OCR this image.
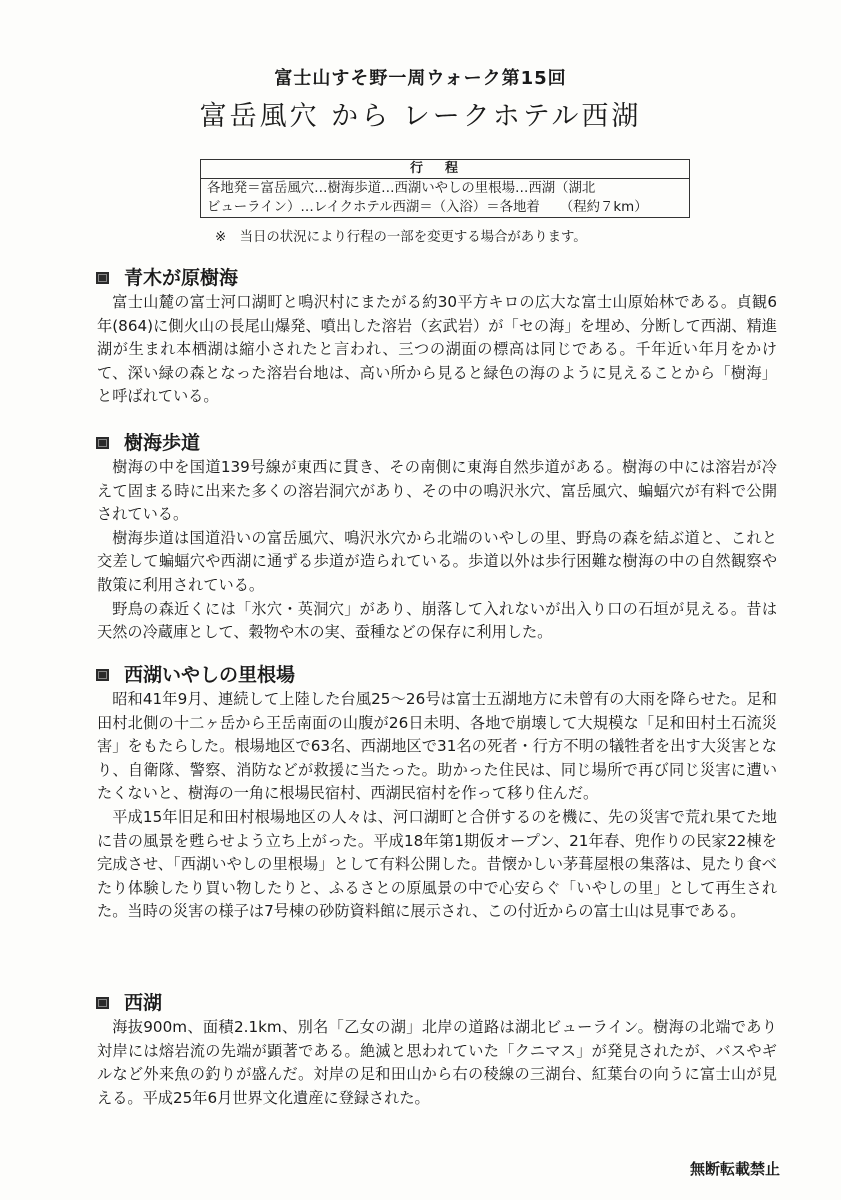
富士山すそ野一周ウォーク第15回
富岳風穴 から レークホテル西湖
行程
各地発＝富岳風穴…樹海歩道…西湖いやしの里根場…西湖（湖北
ビューライン）…レイクホテル西湖＝（入浴）＝各地着　　（程約７km）
※　当日の状況により行程の一部を変更する場合があります。
青木が原樹海

富士山麓の富士河口湖町と鳴沢村にまたがる約30平方キロの広大な富士山原始林である。貞観6年(864)に側火山の長尾山爆発、噴出した溶岩（玄武岩）が「セの海」を埋め、分断して西湖、精進湖が生まれ本栖湖は縮小されたと言われ、三つの湖面の標高は同じである。千年近い年月をかけて、深い緑の森となった溶岩台地は、高い所から見ると緑色の海のように見えることから「樹海」と呼ばれている。

樹海歩道

樹海の中を国道139号線が東西に貫き、その南側に東海自然歩道がある。樹海の中には溶岩が冷えて固まる時に出来た多くの溶岩洞穴があり、その中の鳴沢氷穴、富岳風穴、蝙蝠穴が有料で公開されている。

樹海歩道は国道沿いの富岳風穴、鳴沢氷穴から北端のいやしの里、野鳥の森を結ぶ道と、これと交差して蝙蝠穴や西湖に通ずる歩道が造られている。歩道以外は歩行困難な樹海の中の自然観察や散策に利用されている。

野鳥の森近くには「氷穴・英洞穴」があり、崩落して入れないが出入り口の石垣が見える。昔は天然の冷蔵庫として、穀物や木の実、蚕種などの保存に利用した。

西湖いやしの里根場

昭和41年9月、連続して上陸した台風25～26号は富士五湖地方に未曾有の大雨を降らせた。足和田村北側の十二ヶ岳から王岳南面の山腹が26日未明、各地で崩壊して大規模な「足和田村土石流災害」をもたらした。根場地区で63名、西湖地区で31名の死者・行方不明の犠牲者を出す大災害となり、自衛隊、警察、消防などが救援に当たった。助かった住民は、同じ場所で再び同じ災害に遭いたくないと、樹海の一角に根場民宿村、西湖民宿村を作って移り住んだ。

平成15年旧足和田村根場地区の人々は、河口湖町と合併するのを機に、先の災害で荒れ果てた地に昔の風景を甦らせよう立ち上がった。平成18年第1期仮オープン、21年春、兜作りの民家22棟を完成させ、「西湖いやしの里根場」として有料公開した。昔懐かしい茅葺屋根の集落は、見たり食べたり体験したり買い物したりと、ふるさとの原風景の中で心安らぐ「いやしの里」として再生された。当時の災害の様子は7号棟の砂防資料館に展示され、この付近からの富士山は見事である。

西湖

海抜900m、面積2.1km、別名「乙女の湖」北岸の道路は湖北ビューライン。樹海の北端であり対岸には熔岩流の先端が顕著である。絶滅と思われていた「クニマス」が発見されたが、バスやギルなど外来魚の釣りが盛んだ。対岸の足和田山から右の稜線の三湖台、紅葉台の向うに富士山が見える。平成25年6月世界文化遺産に登録された。

無断転載禁止
